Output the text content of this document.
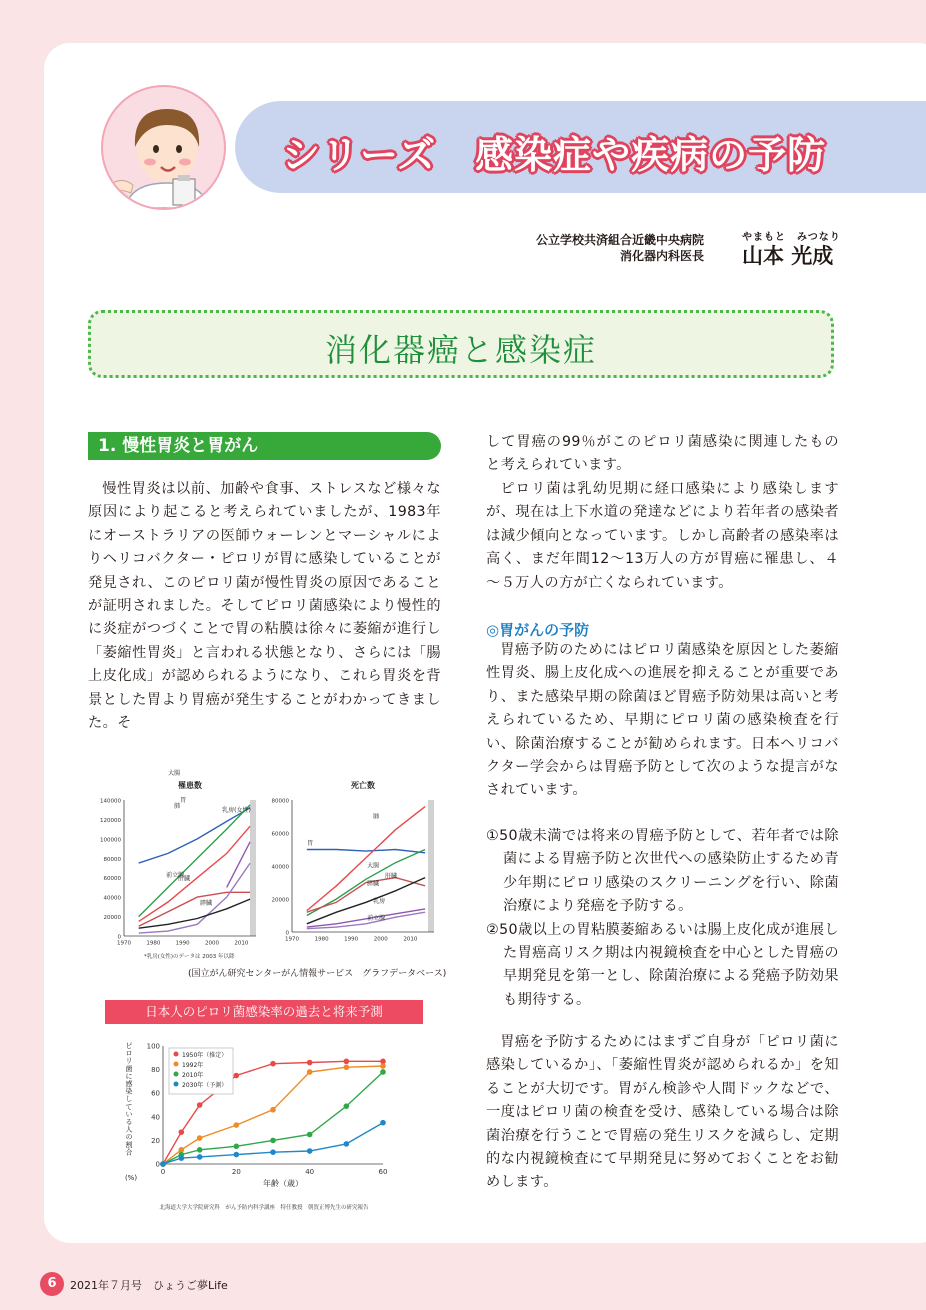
シリーズ　感染症や疾病の予防
公立学校共済組合近畿中央病院
消化器内科医長
やまもと　みつなり
山本 光成
消化器癌と感染症
1. 慢性胃炎と胃がん
慢性胃炎は以前、加齢や食事、ストレスなど様々な原因により起こると考えられていましたが、1983年にオーストラリアの医師ウォーレンとマーシャルによりヘリコバクター・ピロリが胃に感染していることが発見され、このピロリ菌が慢性胃炎の原因であることが証明されました。そしてピロリ菌感染により慢性的に炎症がつづくことで胃の粘膜は徐々に萎縮が進行し「萎縮性胃炎」と言われる状態となり、さらには「腸上皮化成」が認められるようになり、これら胃炎を背景とした胃より胃癌が発生することがわかってきました。そ
して胃癌の99％がこのピロリ菌感染に関連したものと考えられています。
ピロリ菌は乳幼児期に経口感染により感染しますが、現在は上下水道の発達などにより若年者の感染者は減少傾向となっています。しかし高齢者の感染率は高く、まだ年間12～13万人の方が胃癌に罹患し、４～５万人の方が亡くなられています。
◎胃がんの予防
胃癌予防のためにはピロリ菌感染を原因とした萎縮性胃炎、腸上皮化成への進展を抑えることが重要であり、また感染早期の除菌ほど胃癌予防効果は高いと考えられているため、早期にピロリ菌の感染検査を行い、除菌治療することが勧められます。日本ヘリコバクター学会からは胃癌予防として次のような提言がなされています。
①50歳未満では将来の胃癌予防として、若年者では除菌による胃癌予防と次世代への感染防止するため青少年期にピロリ感染のスクリーニングを行い、除菌治療により発癌を予防する。
②50歳以上の胃粘膜萎縮あるいは腸上皮化成が進展した胃癌高リスク期は内視鏡検査を中心とした胃癌の早期発見を第一とし、除菌治療による発癌予防効果も期待する。
胃癌を予防するためにはまずご自身が「ピロリ菌に感染しているか」、「萎縮性胃炎が認められるか」を知ることが大切です。胃がん検診や人間ドックなどで、一度はピロリ菌の検査を受け、感染している場合は除菌治療を行うことで胃癌の発生リスクを減らし、定期的な内視鏡検査にて早期発見に努めておくことをお勧めします。
0
20000
40000
60000
80000
100000
120000
140000
1970	1980	1990	2000	2010
罹患数
胃
大腸
肺
乳房(女性)
肝臓
前立腺
膵臓
*乳房(女性)のデータは 2003 年以降
0
20000
40000
60000
80000
1970	1980	1990	2000	2010
死亡数
胃
肺
大腸
肝臓
膵臓
乳房
前立腺
(国立がん研究センターがん情報サービス　グラフデータベース)
日本人のピロリ菌感染率の過去と将来予測
0
20
40
60
80
100
0	20	40	60
1950年（推定）
1992年
2010年
2030年（予測）
年齢（歳）
ピ
ロ
リ
菌
に
感
染
し
て
い
る
人
の
割
合
(%)
北海道大学大学院研究科　がん予防内科学講座　特任教授　朝賀正博先生の研究報告
6	2021年７月号　ひょうご夢Life
